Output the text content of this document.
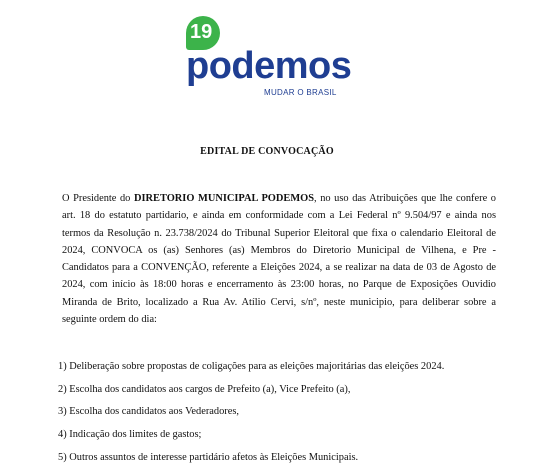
19
podemos
MUDAR O BRASIL
EDITAL DE CONVOCAÇÃO
O Presidente do DIRETORIO MUNICIPAL PODEMOS, no uso das Atribuições que lhe confere o art. 18 do estatuto partidario, e ainda em conformidade com a Lei Federal nº 9.504/97 e ainda nos termos da Resolução n. 23.738/2024 do Tribunal Superior Eleitoral que fixa o calendario Eleitoral de 2024, CONVOCA os (as) Senhores (as) Membros do Diretorio Municipal de Vilhena, e Pre - Candidatos para a CONVENÇÃO, referente a Eleições 2024, a se realizar na data de 03 de Agosto de 2024, com início às 18:00 horas e encerramento às 23:00 horas, no Parque de Exposições Ouvidio Miranda de Brito, localizado a Rua Av. Atílio Cervi, s/nº, neste municipio, para deliberar sobre a seguinte ordem do dia:
1) Deliberação sobre propostas de coligações para as eleições majoritárias das eleições 2024.
2) Escolha dos candidatos aos cargos de Prefeito (a), Vice Prefeito (a),
3) Escolha dos candidatos aos Vederadores,
4) Indicação dos limites de gastos;
5) Outros assuntos de interesse partidário afetos às Eleições Municipais.
